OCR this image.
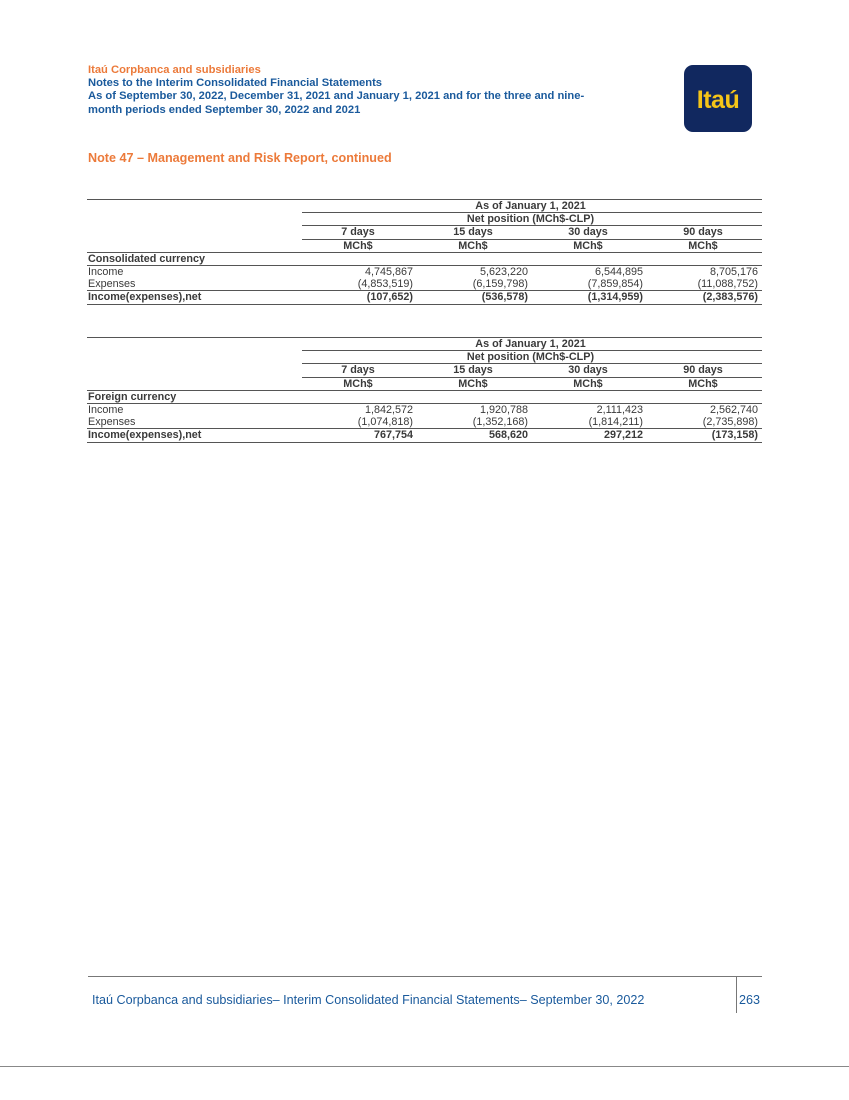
Itaú Corpbanca and subsidiaries
Notes to the Interim Consolidated Financial Statements
As of September 30, 2022, December 31, 2021 and January 1, 2021 and for the three and nine-
month periods ended September 30, 2022 and 2021	Itaú
Note 47 – Management and Risk Report, continued
	As of January 1, 2021			
	Net position (MCh$-CLP)			
	7 days	15 days	30 days	90 days
	MCh$	MCh$	MCh$	MCh$
Consolidated currency				
Income	4,745,867	5,623,220	6,544,895	8,705,176
Expenses	(4,853,519)	(6,159,798)	(7,859,854)	(11,088,752)
Income(expenses),net	(107,652)	(536,578)	(1,314,959)	(2,383,576)
	As of January 1, 2021			
	Net position (MCh$-CLP)			
	7 days	15 days	30 days	90 days
	MCh$	MCh$	MCh$	MCh$
Foreign currency				
Income	1,842,572	1,920,788	2,111,423	2,562,740
Expenses	(1,074,818)	(1,352,168)	(1,814,211)	(2,735,898)
Income(expenses),net	767,754	568,620	297,212	(173,158)
Itaú Corpbanca and subsidiaries– Interim Consolidated Financial Statements– September 30, 2022	263
